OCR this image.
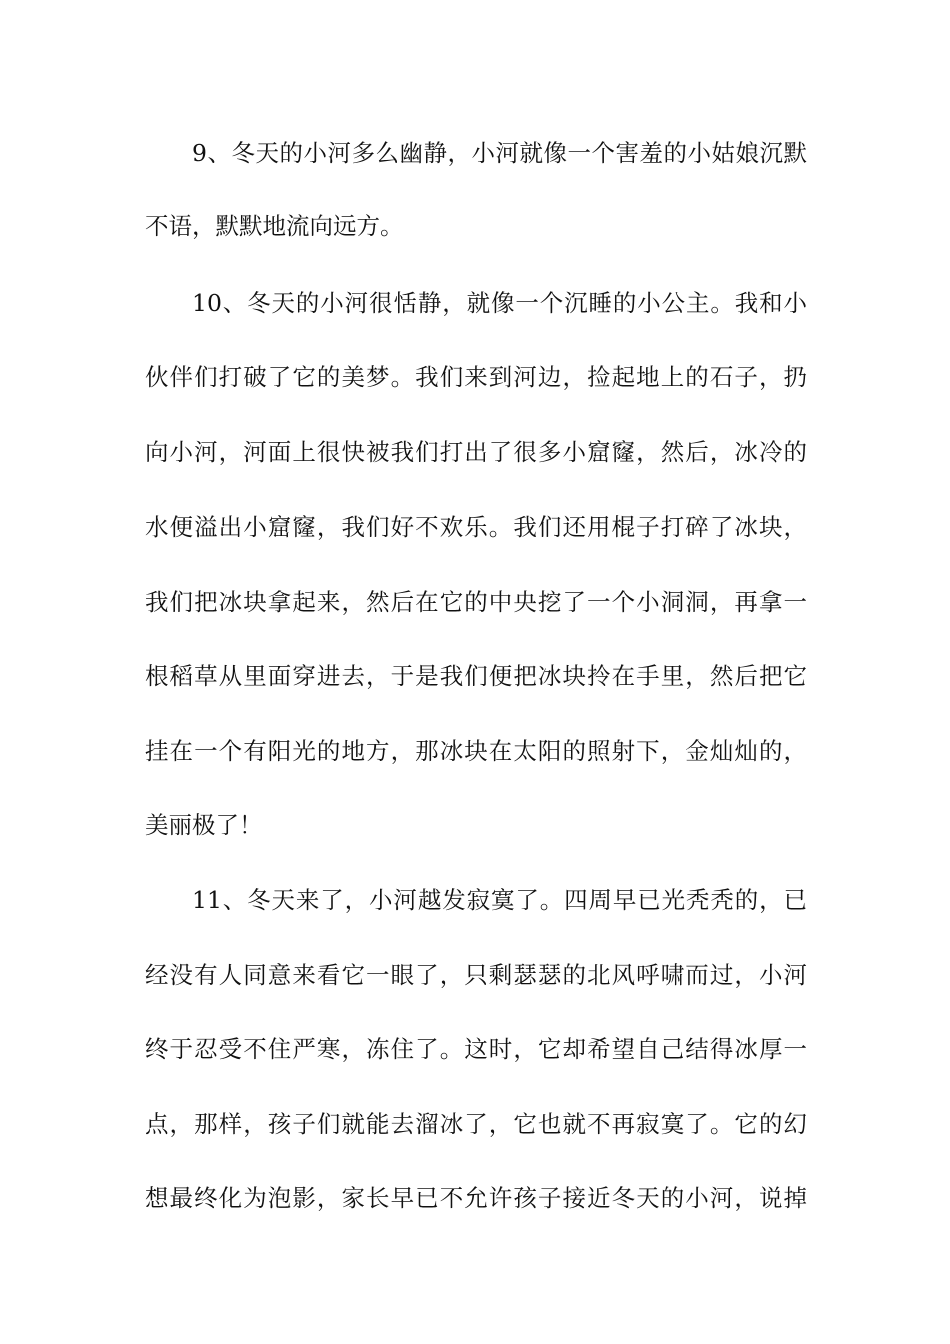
9、冬天的小河多么幽静，小河就像一个害羞的小姑娘沉默
不语，默默地流向远方。
10、冬天的小河很恬静，就像一个沉睡的小公主。我和小
伙伴们打破了它的美梦。我们来到河边，捡起地上的石子，扔
向小河，河面上很快被我们打出了很多小窟窿，然后，冰冷的
水便溢出小窟窿，我们好不欢乐。我们还用棍子打碎了冰块，
我们把冰块拿起来，然后在它的中央挖了一个小洞洞，再拿一
根稻草从里面穿进去，于是我们便把冰块拎在手里，然后把它
挂在一个有阳光的地方，那冰块在太阳的照射下，金灿灿的，
美丽极了！
11、冬天来了，小河越发寂寞了。四周早已光秃秃的，已
经没有人同意来看它一眼了，只剩瑟瑟的北风呼啸而过，小河
终于忍受不住严寒，冻住了。这时，它却希望自己结得冰厚一
点，那样，孩子们就能去溜冰了，它也就不再寂寞了。它的幻
想最终化为泡影，家长早已不允许孩子接近冬天的小河，说掉
